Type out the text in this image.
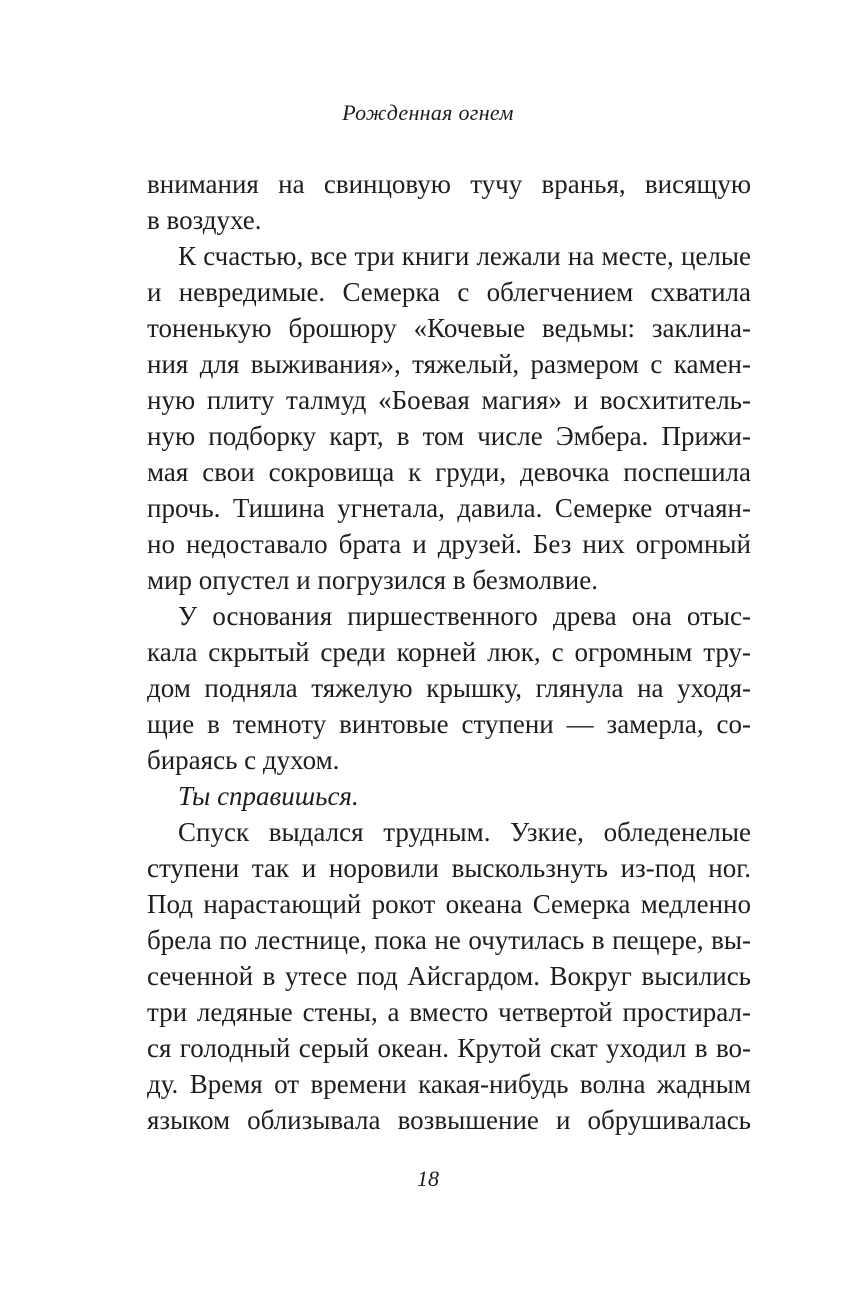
Рожденная огнем
внимания на свинцовую тучу вранья, висящую
в воздухе.
К счастью, все три книги лежали на месте, целые
и невредимые. Семерка с облегчением схватила
тоненькую брошюру «Кочевые ведьмы: заклина-
ния для выживания», тяжелый, размером с камен-
ную плиту талмуд «Боевая магия» и восхититель-
ную подборку карт, в том числе Эмбера. Прижи-
мая свои сокровища к груди, девочка поспешила
прочь. Тишина угнетала, давила. Семерке отчаян-
но недоставало брата и друзей. Без них огромный
мир опустел и погрузился в безмолвие.
У основания пиршественного древа она отыс-
кала скрытый среди корней люк, с огромным тру-
дом подняла тяжелую крышку, глянула на уходя-
щие в темноту винтовые ступени — замерла, со-
бираясь с духом.
Ты справишься.
Спуск выдался трудным. Узкие, обледенелые
ступени так и норовили выскользнуть из-под ног.
Под нарастающий рокот океана Семерка медленно
брела по лестнице, пока не очутилась в пещере, вы-
сеченной в утесе под Айсгардом. Вокруг высились
три ледяные стены, а вместо четвертой простирал-
ся голодный серый океан. Крутой скат уходил в во-
ду. Время от времени какая-нибудь волна жадным
языком облизывала возвышение и обрушивалась
18
